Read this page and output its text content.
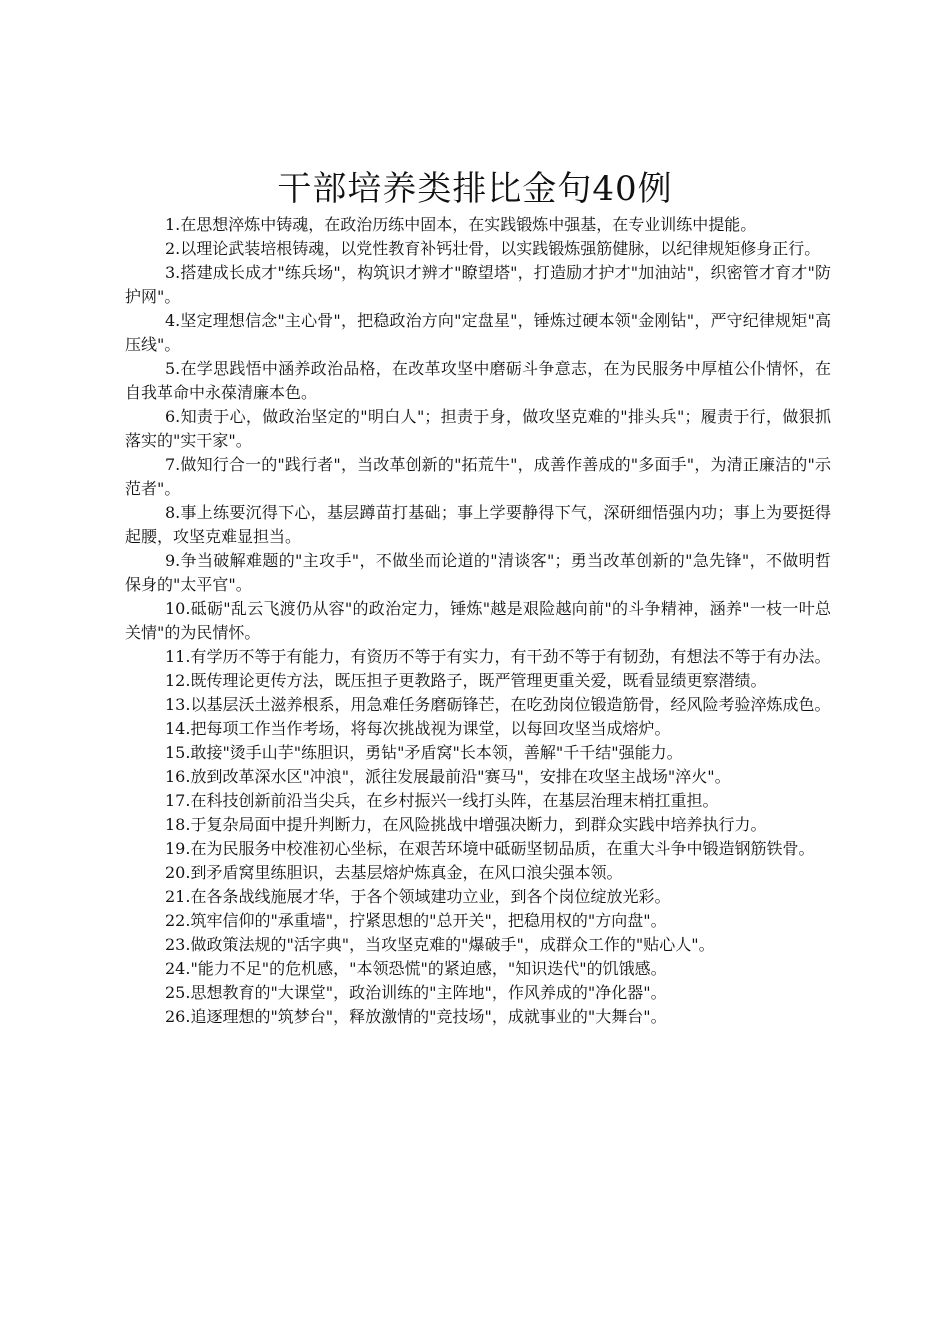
干部培养类排比金句40例

1.在思想淬炼中铸魂，在政治历练中固本，在实践锻炼中强基，在专业训练中提能。

2.以理论武装培根铸魂，以党性教育补钙壮骨，以实践锻炼强筋健脉，以纪律规矩修身正行。

3.搭建成长成才"练兵场"，构筑识才辨才"瞭望塔"，打造励才护才"加油站"，织密管才育才"防护网"。

4.坚定理想信念"主心骨"，把稳政治方向"定盘星"，锤炼过硬本领"金刚钻"，严守纪律规矩"高压线"。

5.在学思践悟中涵养政治品格，在改革攻坚中磨砺斗争意志，在为民服务中厚植公仆情怀，在自我革命中永葆清廉本色。

6.知责于心，做政治坚定的"明白人"；担责于身，做攻坚克难的"排头兵"；履责于行，做狠抓落实的"实干家"。

7.做知行合一的"践行者"，当改革创新的"拓荒牛"，成善作善成的"多面手"，为清正廉洁的"示范者"。

8.事上练要沉得下心，基层蹲苗打基础；事上学要静得下气，深研细悟强内功；事上为要挺得起腰，攻坚克难显担当。

9.争当破解难题的"主攻手"，不做坐而论道的"清谈客"；勇当改革创新的"急先锋"，不做明哲保身的"太平官"。

10.砥砺"乱云飞渡仍从容"的政治定力，锤炼"越是艰险越向前"的斗争精神，涵养"一枝一叶总关情"的为民情怀。

11.有学历不等于有能力，有资历不等于有实力，有干劲不等于有韧劲，有想法不等于有办法。

12.既传理论更传方法，既压担子更教路子，既严管理更重关爱，既看显绩更察潜绩。

13.以基层沃土滋养根系，用急难任务磨砺锋芒，在吃劲岗位锻造筋骨，经风险考验淬炼成色。

14.把每项工作当作考场，将每次挑战视为课堂，以每回攻坚当成熔炉。

15.敢接"烫手山芋"练胆识，勇钻"矛盾窝"长本领，善解"千千结"强能力。

16.放到改革深水区"冲浪"，派往发展最前沿"赛马"，安排在攻坚主战场"淬火"。

17.在科技创新前沿当尖兵，在乡村振兴一线打头阵，在基层治理末梢扛重担。

18.于复杂局面中提升判断力，在风险挑战中增强决断力，到群众实践中培养执行力。

19.在为民服务中校准初心坐标，在艰苦环境中砥砺坚韧品质，在重大斗争中锻造钢筋铁骨。

20.到矛盾窝里练胆识，去基层熔炉炼真金，在风口浪尖强本领。

21.在各条战线施展才华，于各个领域建功立业，到各个岗位绽放光彩。

22.筑牢信仰的"承重墙"，拧紧思想的"总开关"，把稳用权的"方向盘"。

23.做政策法规的"活字典"，当攻坚克难的"爆破手"，成群众工作的"贴心人"。

24."能力不足"的危机感，"本领恐慌"的紧迫感，"知识迭代"的饥饿感。

25.思想教育的"大课堂"，政治训练的"主阵地"，作风养成的"净化器"。

26.追逐理想的"筑梦台"，释放激情的"竞技场"，成就事业的"大舞台"。
